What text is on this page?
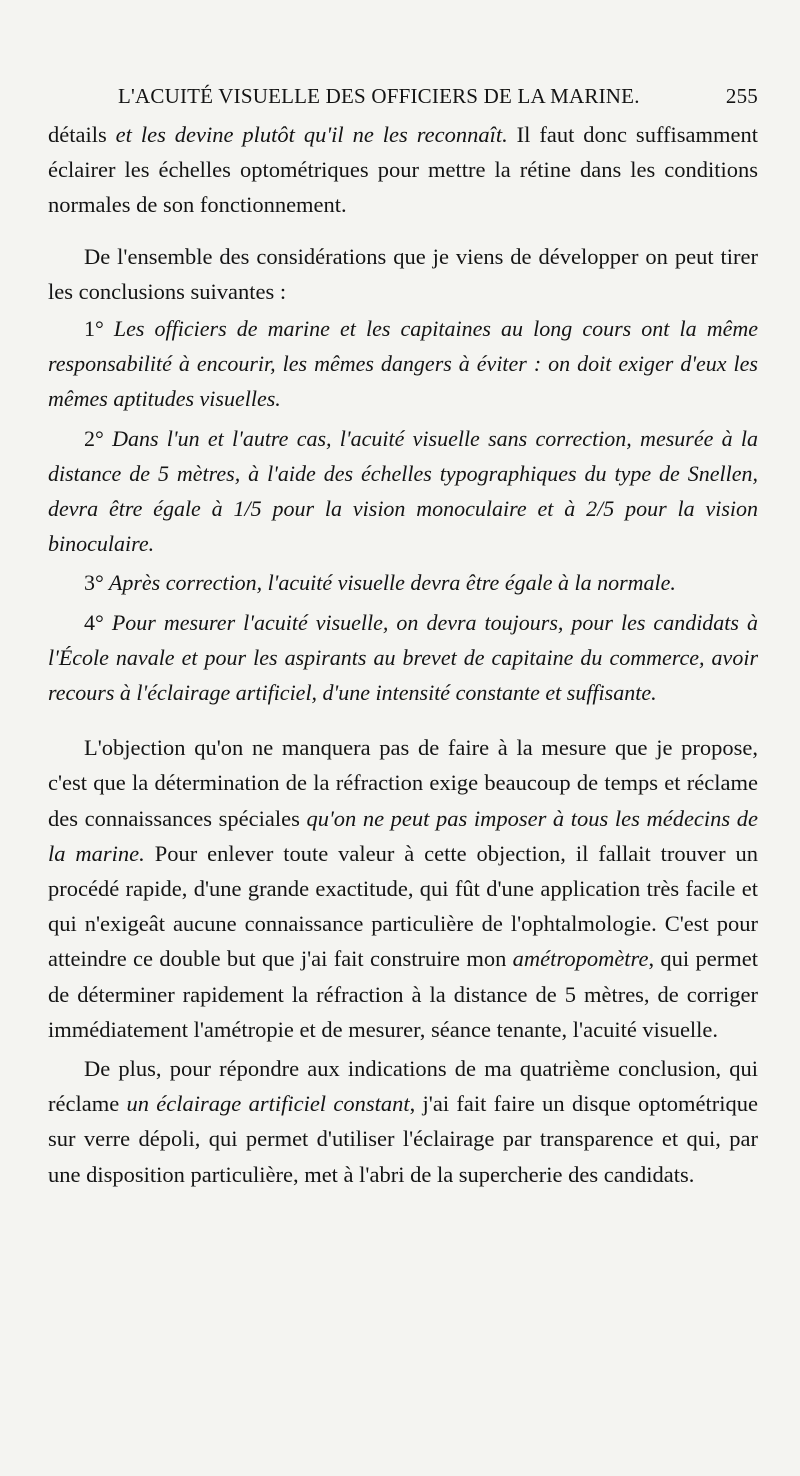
L'ACUITÉ VISUELLE DES OFFICIERS DE LA MARINE.	255

détails et les devine plutôt qu'il ne les reconnaît. Il faut donc suffisamment éclairer les échelles optométriques pour mettre la rétine dans les conditions normales de son fonctionnement.

De l'ensemble des considérations que je viens de développer on peut tirer les conclusions suivantes :

1° Les officiers de marine et les capitaines au long cours ont la même responsabilité à encourir, les mêmes dangers à éviter : on doit exiger d'eux les mêmes aptitudes visuelles.

2° Dans l'un et l'autre cas, l'acuité visuelle sans correction, mesurée à la distance de 5 mètres, à l'aide des échelles typographiques du type de Snellen, devra être égale à 1/5 pour la vision monoculaire et à 2/5 pour la vision binoculaire.

3° Après correction, l'acuité visuelle devra être égale à la normale.

4° Pour mesurer l'acuité visuelle, on devra toujours, pour les candidats à l'École navale et pour les aspirants au brevet de capitaine du commerce, avoir recours à l'éclairage artificiel, d'une intensité constante et suffisante.

L'objection qu'on ne manquera pas de faire à la mesure que je propose, c'est que la détermination de la réfraction exige beaucoup de temps et réclame des connaissances spéciales qu'on ne peut pas imposer à tous les médecins de la marine. Pour enlever toute valeur à cette objection, il fallait trouver un procédé rapide, d'une grande exactitude, qui fût d'une application très facile et qui n'exigeât aucune connaissance particulière de l'ophtalmologie. C'est pour atteindre ce double but que j'ai fait construire mon amétropomètre, qui permet de déterminer rapidement la réfraction à la distance de 5 mètres, de corriger immédiatement l'amétropie et de mesurer, séance tenante, l'acuité visuelle.

De plus, pour répondre aux indications de ma quatrième conclusion, qui réclame un éclairage artificiel constant, j'ai fait faire un disque optométrique sur verre dépoli, qui permet d'utiliser l'éclairage par transparence et qui, par une disposition particulière, met à l'abri de la supercherie des candidats.
